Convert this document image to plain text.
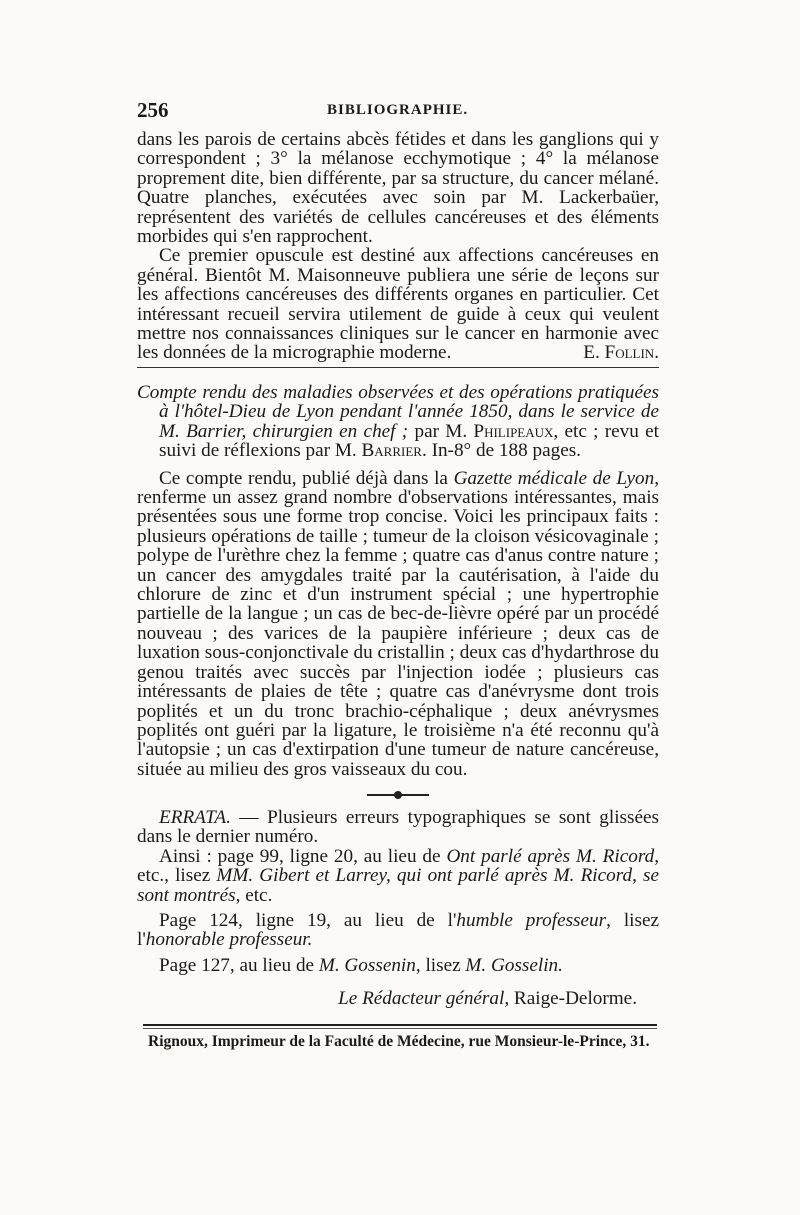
256	BIBLIOGRAPHIE.

dans les parois de certains abcès fétides et dans les ganglions qui y correspondent ; 3° la mélanose ecchymotique ; 4° la mélanose proprement dite, bien différente, par sa structure, du cancer mélané. Quatre planches, exécutées avec soin par M. Lackerbaüer, représentent des variétés de cellules cancéreuses et des éléments morbides qui s'en rapprochent.

Ce premier opuscule est destiné aux affections cancéreuses en général. Bientôt M. Maisonneuve publiera une série de leçons sur les affections cancéreuses des différents organes en particulier. Cet intéressant recueil servira utilement de guide à ceux qui veulent mettre nos connaissances cliniques sur le cancer en harmonie avec les données de la micrographie moderne.	E. Follin.

Compte rendu des maladies observées et des opérations pratiquées à l'hôtel-Dieu de Lyon pendant l'année 1850, dans le service de M. Barrier, chirurgien en chef ; par M. Philipeaux, etc ; revu et suivi de réflexions par M. Barrier. In-8° de 188 pages.

Ce compte rendu, publié déjà dans la Gazette médicale de Lyon, renferme un assez grand nombre d'observations intéressantes, mais présentées sous une forme trop concise. Voici les principaux faits : plusieurs opérations de taille ; tumeur de la cloison vésicovaginale ; polype de l'urèthre chez la femme ; quatre cas d'anus contre nature ; un cancer des amygdales traité par la cautérisation, à l'aide du chlorure de zinc et d'un instrument spécial ; une hypertrophie partielle de la langue ; un cas de bec-de-lièvre opéré par un procédé nouveau ; des varices de la paupière inférieure ; deux cas de luxation sous-conjonctivale du cristallin ; deux cas d'hydarthrose du genou traités avec succès par l'injection iodée ; plusieurs cas intéressants de plaies de tête ; quatre cas d'anévrysme dont trois poplités et un du tronc brachio-céphalique ; deux anévrysmes poplités ont guéri par la ligature, le troisième n'a été reconnu qu'à l'autopsie ; un cas d'extirpation d'une tumeur de nature cancéreuse, située au milieu des gros vaisseaux du cou.

ERRATA. — Plusieurs erreurs typographiques se sont glissées dans le dernier numéro.

Ainsi : page 99, ligne 20, au lieu de Ont parlé après M. Ricord, etc., lisez MM. Gibert et Larrey, qui ont parlé après M. Ricord, se sont montrés, etc.

Page 124, ligne 19, au lieu de l'humble professeur, lisez l'honorable professeur.

Page 127, au lieu de M. Gossenin, lisez M. Gosselin.

Le Rédacteur général, Raige-Delorme.
Rignoux, Imprimeur de la Faculté de Médecine, rue Monsieur-le-Prince, 31.
